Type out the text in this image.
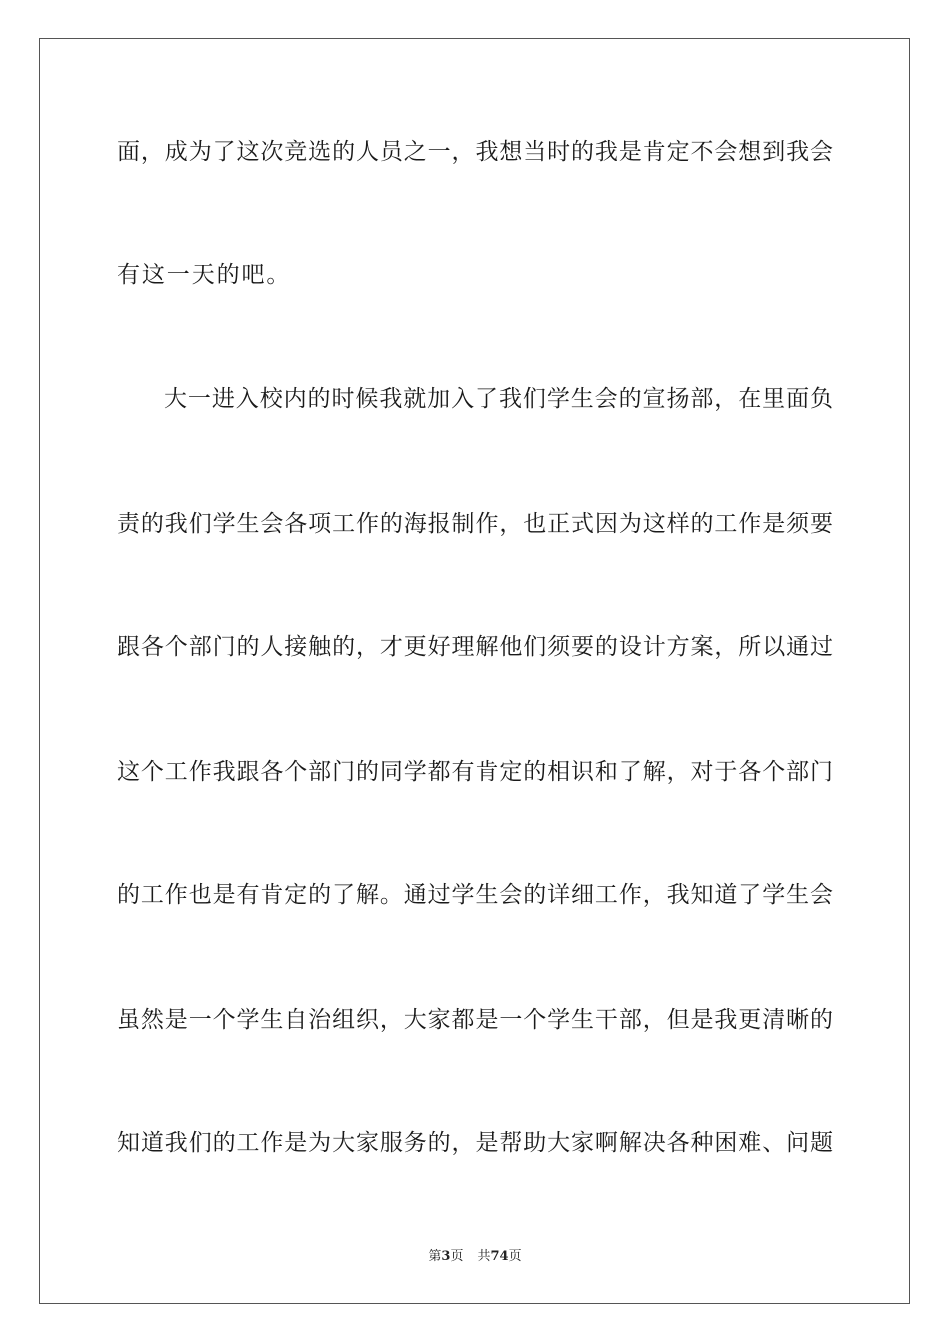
面，成为了这次竞选的人员之一，我想当时的我是肯定不会想到我会
有这一天的吧。
大一进入校内的时候我就加入了我们学生会的宣扬部，在里面负
责的我们学生会各项工作的海报制作，也正式因为这样的工作是须要
跟各个部门的人接触的，才更好理解他们须要的设计方案，所以通过
这个工作我跟各个部门的同学都有肯定的相识和了解，对于各个部门
的工作也是有肯定的了解。通过学生会的详细工作，我知道了学生会
虽然是一个学生自治组织，大家都是一个学生干部，但是我更清晰的
知道我们的工作是为大家服务的，是帮助大家啊解决各种困难、问题
第3页 共74页
